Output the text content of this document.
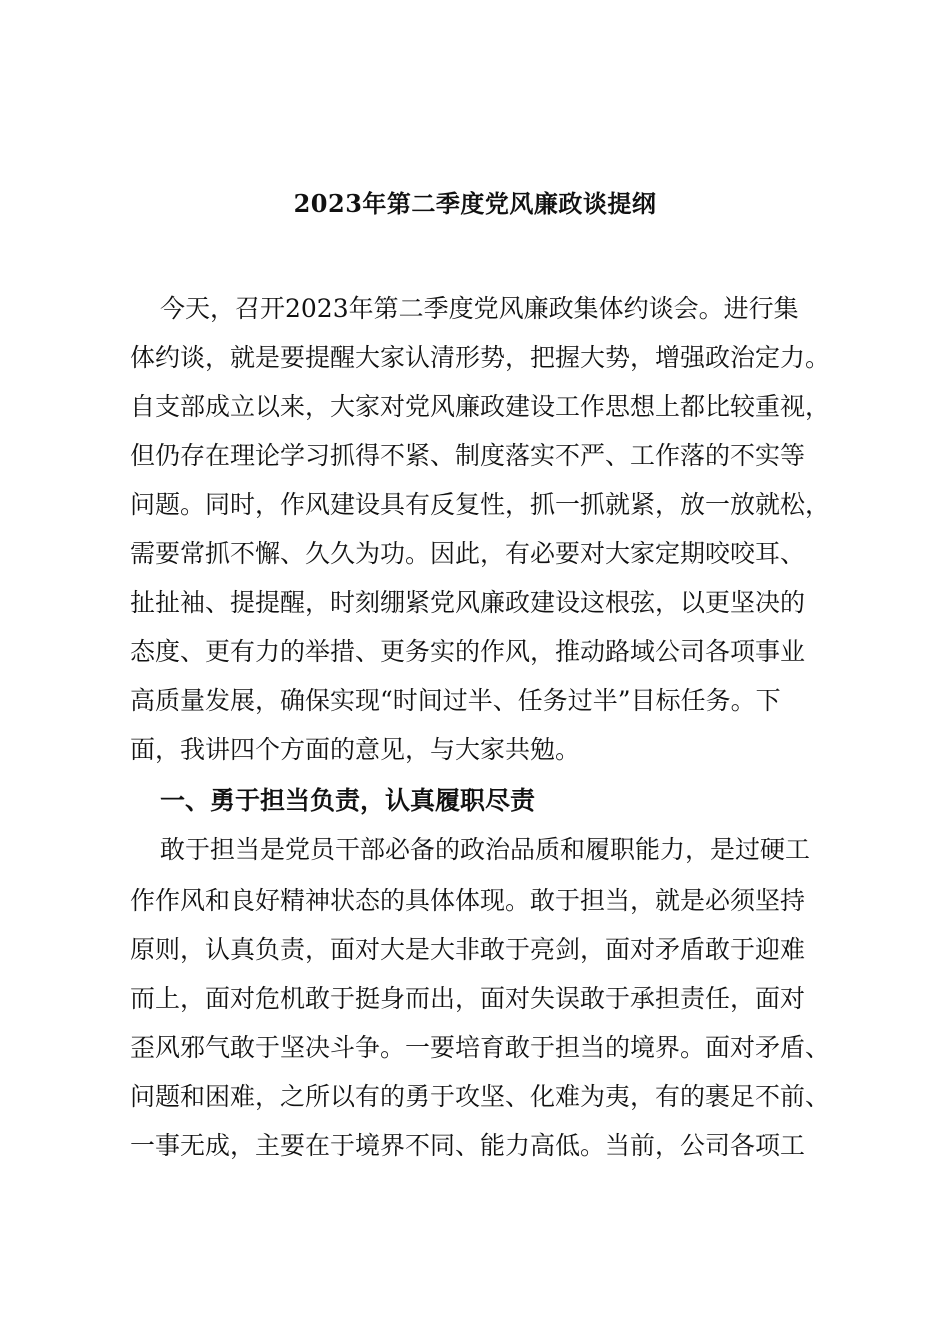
2023年第二季度党风廉政谈提纲
今天，召开2023年第二季度党风廉政集体约谈会。进行集
体约谈，就是要提醒大家认清形势，把握大势，增强政治定力。
自支部成立以来，大家对党风廉政建设工作思想上都比较重视，
但仍存在理论学习抓得不紧、制度落实不严、工作落的不实等
问题。同时，作风建设具有反复性，抓一抓就紧，放一放就松，
需要常抓不懈、久久为功。因此，有必要对大家定期咬咬耳、
扯扯袖、提提醒，时刻绷紧党风廉政建设这根弦，以更坚决的
态度、更有力的举措、更务实的作风，推动路域公司各项事业
高质量发展，确保实现“时间过半、任务过半”目标任务。下
面，我讲四个方面的意见，与大家共勉。
一、勇于担当负责，认真履职尽责
敢于担当是党员干部必备的政治品质和履职能力，是过硬工
作作风和良好精神状态的具体体现。敢于担当，就是必须坚持
原则，认真负责，面对大是大非敢于亮剑，面对矛盾敢于迎难
而上，面对危机敢于挺身而出，面对失误敢于承担责任，面对
歪风邪气敢于坚决斗争。一要培育敢于担当的境界。面对矛盾、
问题和困难，之所以有的勇于攻坚、化难为夷，有的裹足不前、
一事无成，主要在于境界不同、能力高低。当前，公司各项工
